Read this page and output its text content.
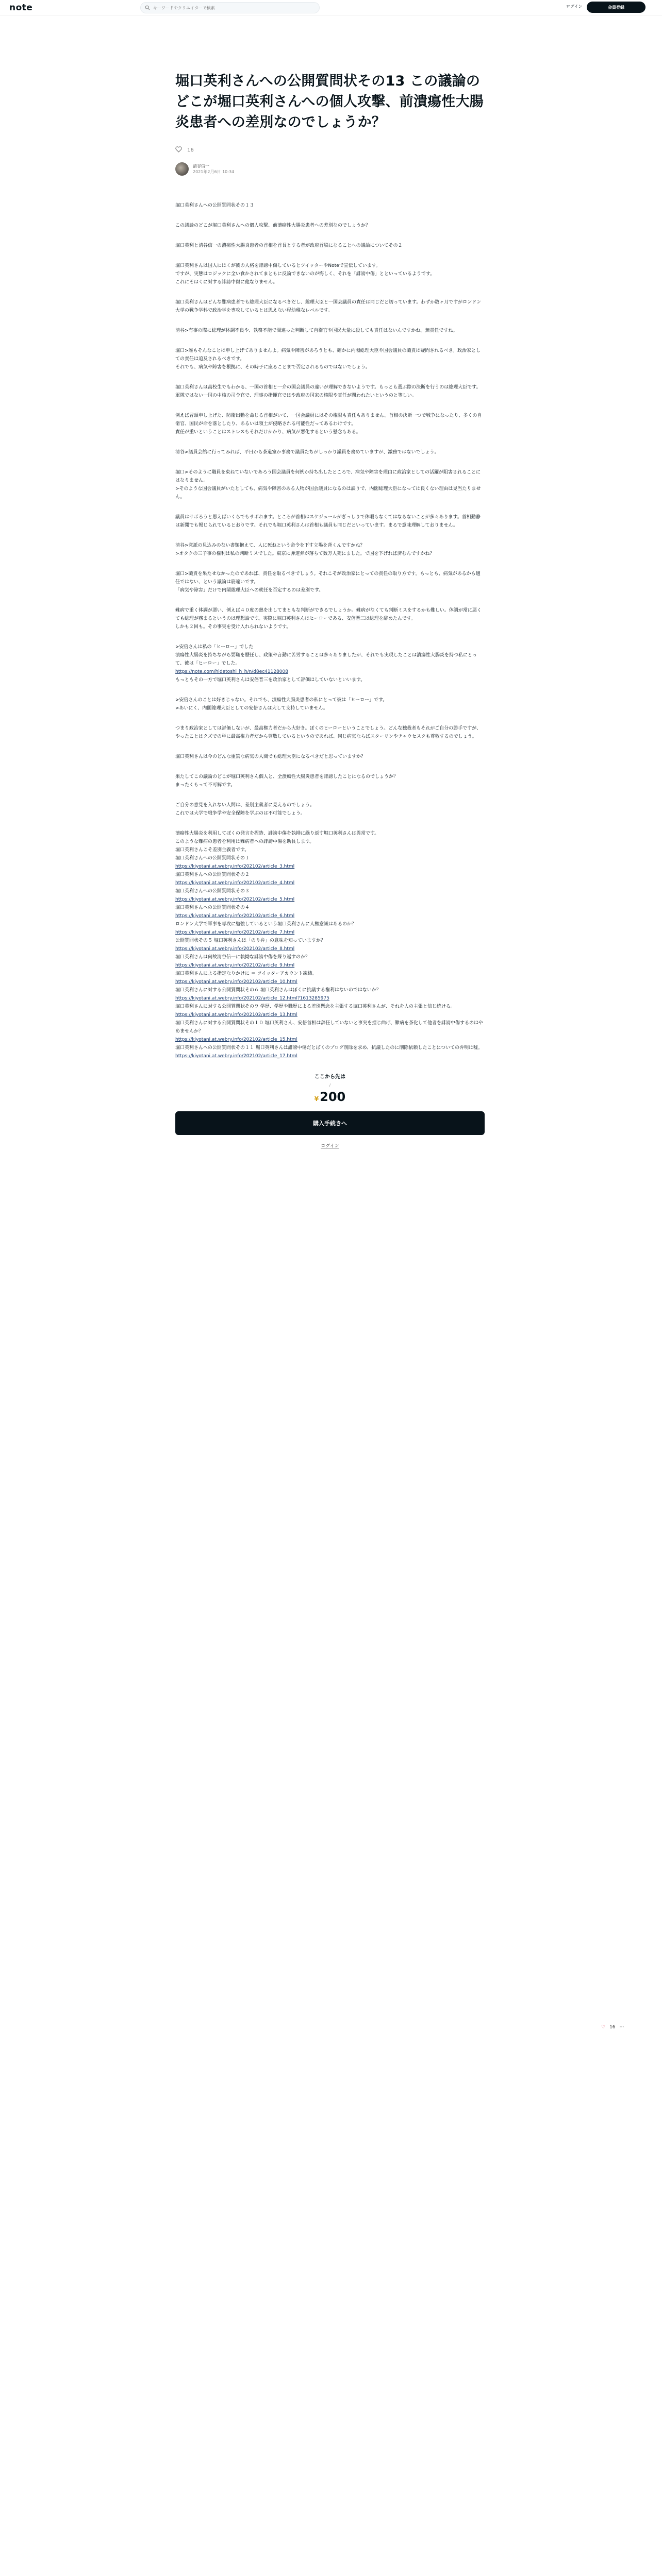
note
キーワードやクリエイターで検索	ログイン	会員登録
堀口英利さんへの公開質問状その13 この議論のどこが堀口英利さんへの個人攻撃、前潰瘍性大腸炎患者への差別なのでしょうか？
16
清谷信一
2021年2月6日 10:34

堀口英利さんへの公開質問状その１３

この議論のどこが堀口英利さんへの個人攻撃、前潰瘍性大腸炎患者への差別なのでしょうか？

堀口英利と清谷信一の潰瘍性大腸炎患者の首相を首長とする者が政府首脳になることへの議論についてその２

堀口英利さんは国人にはくが彼の人格を誹謗中傷しているとツイッターやNoteで宣伝しています。
ですが、実態はロジックに全い食かされてまともに反論できないのが悔しく、それを「誹謗中傷」とといっているようです。
これにそはくに対する誹謗中傷に他なりません。

堀口英利さんはどんな難病患者でも総理大臣になるべきだし、総理大臣と一国会議員の責任は同じだと切っています。わずか数ヶ月ですがロンドン大学の戦争学科で政治学を専攻しているとは思えない程幼稚なレベルです。

清谷>有事の際に総理が体調不良や、執務不能で間違った判断して自衛官や国民大量に殺しても責任はないんですかね。無責任ですね。

堀口>誰もそんなことは申し上げてありませんよ。病気や障害があろうとも、確かに内閣総理大臣や国会議員の職責は疑問されるべき。政治家としての責任は追及されるべきです。
それでも、病気や障害を根拠に、その時子に座ることまで否定されるものではないでしょう。

堀口英利さんは高校生でもわかる、一国の首相と一介の国会議員の違いが理解できないようです。もっとも選ぶ際の決断を行うのは総理大臣です。軍隊ではない一国の中核の司令官で、理事の指揮官ではや政府の国家の権限や責任が問われたいというのと等しい。

例えば冒頭申し上げた、防衛出動を命じる首相がいて、一国会議員にはその権限も責任もありません。首相の決断一つで戦争になったり、多くの自衛官、国民が命を落としたり、あるいは領土が侵略される可能性だってあるわけです。
責任が重いということはストレスもそれだけかかり、病気が悪化するという懸念もある。

清谷>議員会館に行ってみれば、平日から茶道室か事務で議員たちがしっかり議員を務めていますが、激務ではないでしょう。

堀口>そのように職員を束ねていないであろう国会議員を何例か持ち出したところで、病気や障害を理由に政治家としての活躍が阻害されることにはなりません。
>そのような国会議員がいたとしても、病気や障害のある人物が国会議員になるのは誤りで、内閣総理大臣になっては良くない理由は見当たりません。

議員はサボろうと思えばいくらでもサボれます。ところが首相はスケジュールがぎっしりで休暇もなくてはならないことが多々あります。首相動静は新聞でも報じられているとおりです。それでも堀口英利さんは首相も議員も同じだといっています。まるで意味理解しておりません。

清谷>党派の見込みのない書類抱えて、人に死ねという命令を下す立場を背くんですかね？
>オタクの三子事の権利は私の判断ミスでした。東京に弾道弾が落ちて数万人死にました。で国を下げれば済むんですかね？

堀口>職責を果たせなかったのであれば、責任を取るべきでしょう。それこそが政治家にとっての責任の取り方です。もっとも、病気があるから適任ではない、という議論は筋違いです。
「病気や障害」だけで内閣総理大臣への就任を否定するのは差別です。

難病で重く体調が悪い、例えば４０度の熱を出してまともな判断ができるでしょうか。難病がなくても判断ミスをするかも難しい。体調が常に悪くても総理が務まるというのは理想論です。実際に堀口英利さんはヒーローである、安倍晋三は総理を辞めたんです。
しかも２回も。その事実を受け入れられないようです。

>安倍さんは私の「ヒーロー」でした
潰瘍性大腸炎を持ちながら要職を歴任し、政策や言動に苦労することは多々ありましたが、それでも実現したことは潰瘍性大腸炎を持つ私にとって、彼は「ヒーロー」でした。
https://note.com/hidetoshi_h_h/n/d8ec41128008
もっともその一方で堀口英利さんは安倍晋三を政治家として評価はしていないといいます。

>安倍さんのことは好きじゃない。それでも、潰瘍性大腸炎患者の私にとって彼は「ヒーロー」です。
>あいにく、内閣総理大臣としての安倍さんは大して支持していません。

つまり政治家としては評価しないが、最高権力者だから大好き。ぼくのヒーローということでしょう。どんな独裁者もそれがご自分の勝手ですが、やったことはクズでの単に最高権力者だから尊敬しているというのであれば、同じ病気ならばスターリンやチャウセスクも尊敬するのでしょう。

堀口英利さんは今のどんな重篤な病気の人間でも総理大臣になるべきだと思っていますか？

果たしてこの議論のどこが堀口英利さん個人と、全潰瘍性大腸炎患者を誹謗したことになるのでしょうか？
まったくもって不可解です。

ご自分の意見を入れない人間は、差別主義者に見えるのでしょう。
これでは大学で戦争学や安全保障を学ぶのは不可能でしょう。

潰瘍性大腸炎を利用してぼくの発言を捏造、誹謗中傷を執拗に繰り返す堀口英利さんは異常です。
このような難病の患者を利用は難病者への誹謗中傷を助長します。
堀口英利さんこそ差別主義者です。
堀口英利さんへの公開質問状その１
https://kiyotani.at.webry.info/202102/article_3.html
堀口英利さんへの公開質問状その２
https://kiyotani.at.webry.info/202102/article_4.html
堀口英利さんへの公開質問状その３
https://kiyotani.at.webry.info/202102/article_5.html
堀口英利さんへの公開質問状その４
https://kiyotani.at.webry.info/202102/article_6.html
ロンドン大学で軍事を専攻に勉強しているという堀口英利さんに人権意識はあるのか？
https://kiyotani.at.webry.info/202102/article_7.html
公開質問状その５ 堀口英利さんは「のり弁」の意味を知っていますか？
https://kiyotani.at.webry.info/202102/article_8.html
堀口英利さんは何故清谷信一に執拗な誹謗中傷を繰り返すのか？
https://kiyotani.at.webry.info/202102/article_9.html
堀口英利さんによる指定なりかけに ＝ ツイッターアカウント凍結。
https://kiyotani.at.webry.info/202102/article_10.html
堀口英利さんに対する公開質問状その６ 堀口英利さんはぼくに抗議する権利はないのではないか？
https://kiyotani.at.webry.info/202102/article_12.html?1613285975
堀口英利さんに対する公開質問状その９ 学歴、学歴や職歴による差別懸念を主張する堀口英利さんが、それを人の主張と信じ続ける。
https://kiyotani.at.webry.info/202102/article_13.html
堀口英利さんに対する公開質問状その１０ 堀口英利さん、安倍首相は辞任していないと事実を捏じ曲げ、難病を茶化して他者を誹謗中傷するのはやめませんか？
https://kiyotani.at.webry.info/202102/article_15.html
堀口英利さんへの公開質問状その１１ 堀口英利さんは誹謗中傷だとぼくのブログ削除を求め、抗議したのに削除依頼したことについての弁明は嘘。
https://kiyotani.at.webry.info/202102/article_17.html

ここから先は
/
¥200
購入手続きへ
ログイン
♡ 16 ⋯
